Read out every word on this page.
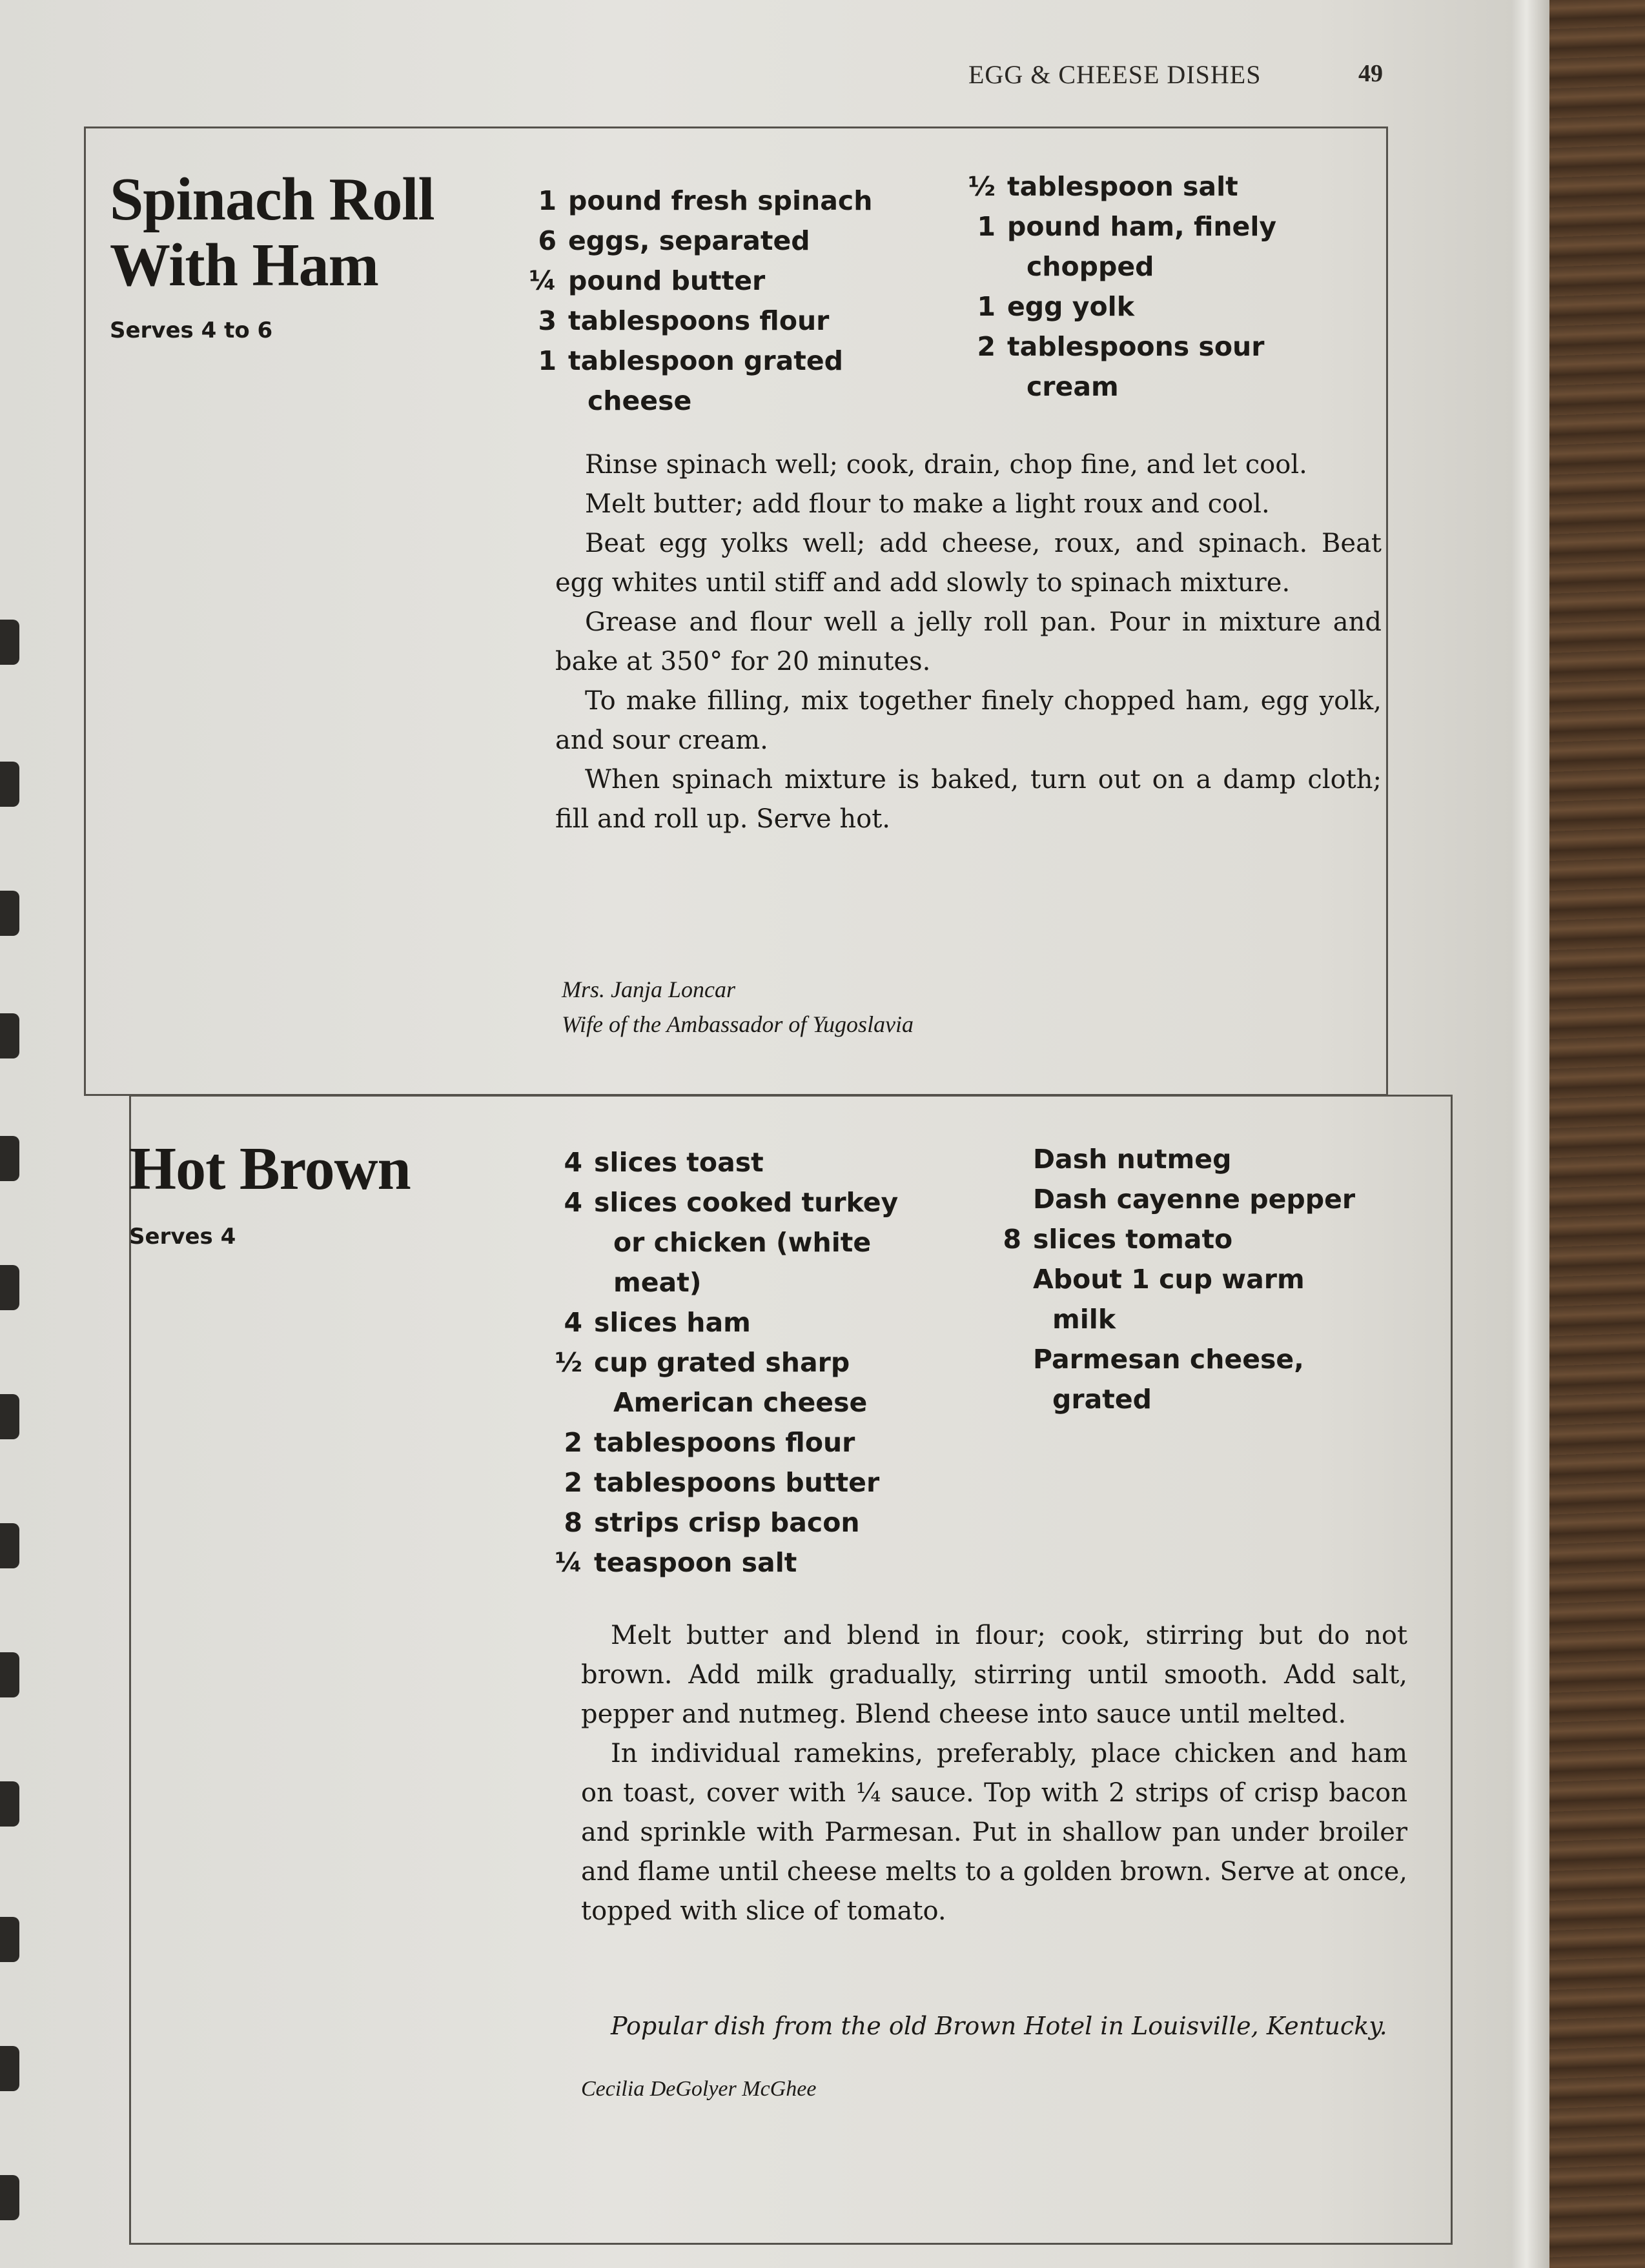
EGG & CHEESE DISHES	49
Spinach Roll
With Ham
Serves 4 to 6
1 pound fresh spinach
6 eggs, separated
¼ pound butter
3 tablespoons flour
1 tablespoon grated
cheese
½ tablespoon salt
1 pound ham, finely
chopped
1 egg yolk
2 tablespoons sour
cream

Rinse spinach well; cook, drain, chop fine, and let cool.

Melt butter; add flour to make a light roux and cool.

Beat egg yolks well; add cheese, roux, and spinach. Beat egg whites until stiff and add slowly to spinach mixture.

Grease and flour well a jelly roll pan. Pour in mixture and bake at 350° for 20 minutes.

To make filling, mix together finely chopped ham, egg yolk, and sour cream.

When spinach mixture is baked, turn out on a damp cloth; fill and roll up. Serve hot.

Mrs. Janja Loncar

Wife of the Ambassador of Yugoslavia

Hot Brown
Serves 4
4 slices toast
4 slices cooked turkey
or chicken (white meat)
4 slices ham
½ cup grated sharp
American cheese
2 tablespoons flour
2 tablespoons butter
8 strips crisp bacon
¼ teaspoon salt
Dash nutmeg
Dash cayenne pepper
8 slices tomato
About 1 cup warm
milk
Parmesan cheese,
grated

Melt butter and blend in flour; cook, stirring but do not brown. Add milk gradually, stirring until smooth. Add salt, pepper and nutmeg. Blend cheese into sauce until melted.

In individual ramekins, preferably, place chicken and ham on toast, cover with ¼ sauce. Top with 2 strips of crisp bacon and sprinkle with Parmesan. Put in shallow pan under broiler and flame until cheese melts to a golden brown. Serve at once, topped with slice of tomato.

Popular dish from the old Brown Hotel in Louisville, Kentucky.

Cecilia DeGolyer McGhee
